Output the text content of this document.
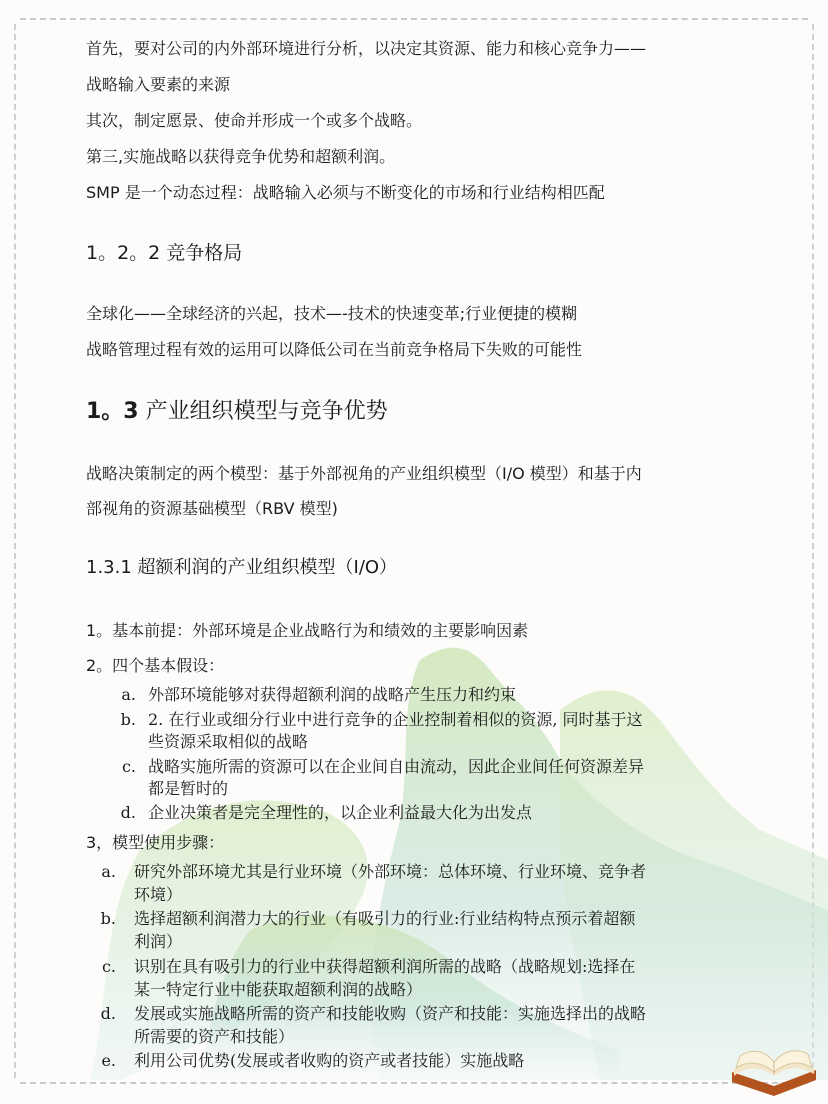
首先，要对公司的内外部环境进行分析，以决定其资源、能力和核心竞争力——
战略输入要素的来源
其次，制定愿景、使命并形成一个或多个战略。
第三,实施战略以获得竞争优势和超额利润。
SMP 是一个动态过程：战略输入必须与不断变化的市场和行业结构相匹配
1。2。2 竞争格局
全球化——全球经济的兴起，技术—-技术的快速变革;行业便捷的模糊
战略管理过程有效的运用可以降低公司在当前竞争格局下失败的可能性
1。3 产业组织模型与竞争优势
战略决策制定的两个模型：基于外部视角的产业组织模型（I/O 模型）和基于内
部视角的资源基础模型（RBV 模型)
1.3.1 超额利润的产业组织模型（I/O）
1。基本前提：外部环境是企业战略行为和绩效的主要影响因素
2。四个基本假设：
a. 外部环境能够对获得超额利润的战略产生压力和约束
b. 2. 在行业或细分行业中进行竞争的企业控制着相似的资源, 同时基于这
些资源采取相似的战略
c. 战略实施所需的资源可以在企业间自由流动，因此企业间任何资源差异
都是暂时的
d. 企业决策者是完全理性的，以企业利益最大化为出发点
3，模型使用步骤：
a. 研究外部环境尤其是行业环境（外部环境：总体环境、行业环境、竞争者
环境）
b. 选择超额利润潜力大的行业（有吸引力的行业:行业结构特点预示着超额
利润）
c. 识别在具有吸引力的行业中获得超额利润所需的战略（战略规划:选择在
某一特定行业中能获取超额利润的战略）
d. 发展或实施战略所需的资产和技能收购（资产和技能：实施选择出的战略
所需要的资产和技能）
e. 利用公司优势(发展或者收购的资产或者技能）实施战略
